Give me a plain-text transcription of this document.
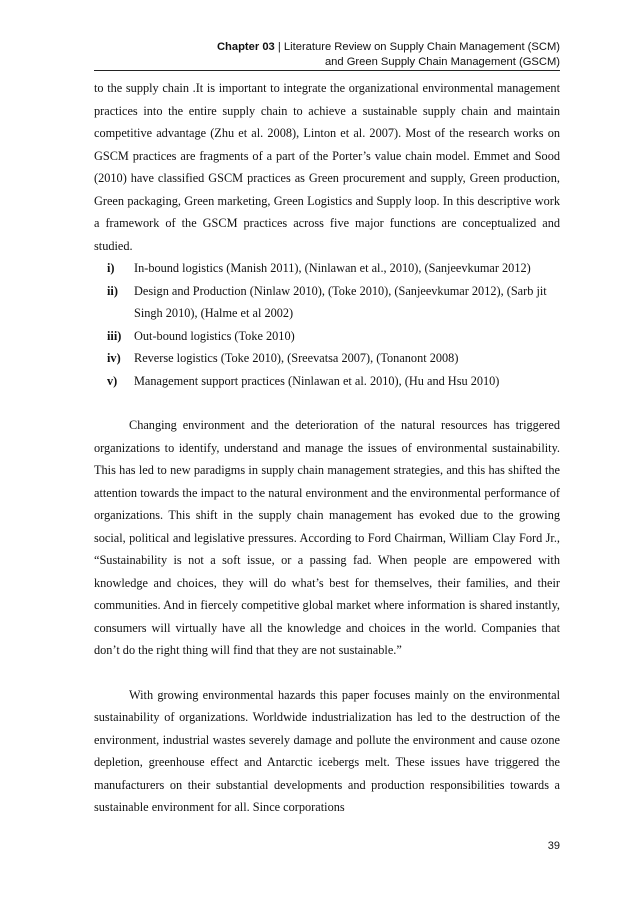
Chapter 03 | Literature Review on Supply Chain Management (SCM)
and Green Supply Chain Management (GSCM)

to the supply chain .It is important to integrate the organizational environmental management practices into the entire supply chain to achieve a sustainable supply chain and maintain competitive advantage (Zhu et al. 2008), Linton et al. 2007). Most of the research works on GSCM practices are fragments of a part of the Porter’s value chain model. Emmet and Sood (2010) have classified GSCM practices as Green procurement and supply, Green production, Green packaging, Green marketing, Green Logistics and Supply loop. In this descriptive work a framework of the GSCM practices across five major functions are conceptualized and studied.

i)	In-bound logistics (Manish 2011), (Ninlawan et al., 2010), (Sanjeevkumar 2012)
ii)	Design and Production (Ninlaw 2010), (Toke 2010), (Sanjeevkumar 2012), (Sarb jit Singh 2010), (Halme et al 2002)
iii)	Out-bound logistics (Toke 2010)
iv)	Reverse logistics (Toke 2010), (Sreevatsa 2007), (Tonanont 2008)
v)	Management support practices (Ninlawan et al. 2010), (Hu and Hsu 2010)

Changing environment and the deterioration of the natural resources has triggered organizations to identify, understand and manage the issues of environmental sustainability. This has led to new paradigms in supply chain management strategies, and this has shifted the attention towards the impact to the natural environment and the environmental performance of organizations. This shift in the supply chain management has evoked due to the growing social, political and legislative pressures. According to Ford Chairman, William Clay Ford Jr., “Sustainability is not a soft issue, or a passing fad. When people are empowered with knowledge and choices, they will do what’s best for themselves, their families, and their communities. And in fiercely competitive global market where information is shared instantly, consumers will virtually have all the knowledge and choices in the world. Companies that don’t do the right thing will find that they are not sustainable.”

With growing environmental hazards this paper focuses mainly on the environmental sustainability of organizations. Worldwide industrialization has led to the destruction of the environment, industrial wastes severely damage and pollute the environment and cause ozone depletion, greenhouse effect and Antarctic icebergs melt. These issues have triggered the manufacturers on their substantial developments and production responsibilities towards a sustainable environment for all. Since corporations

39
